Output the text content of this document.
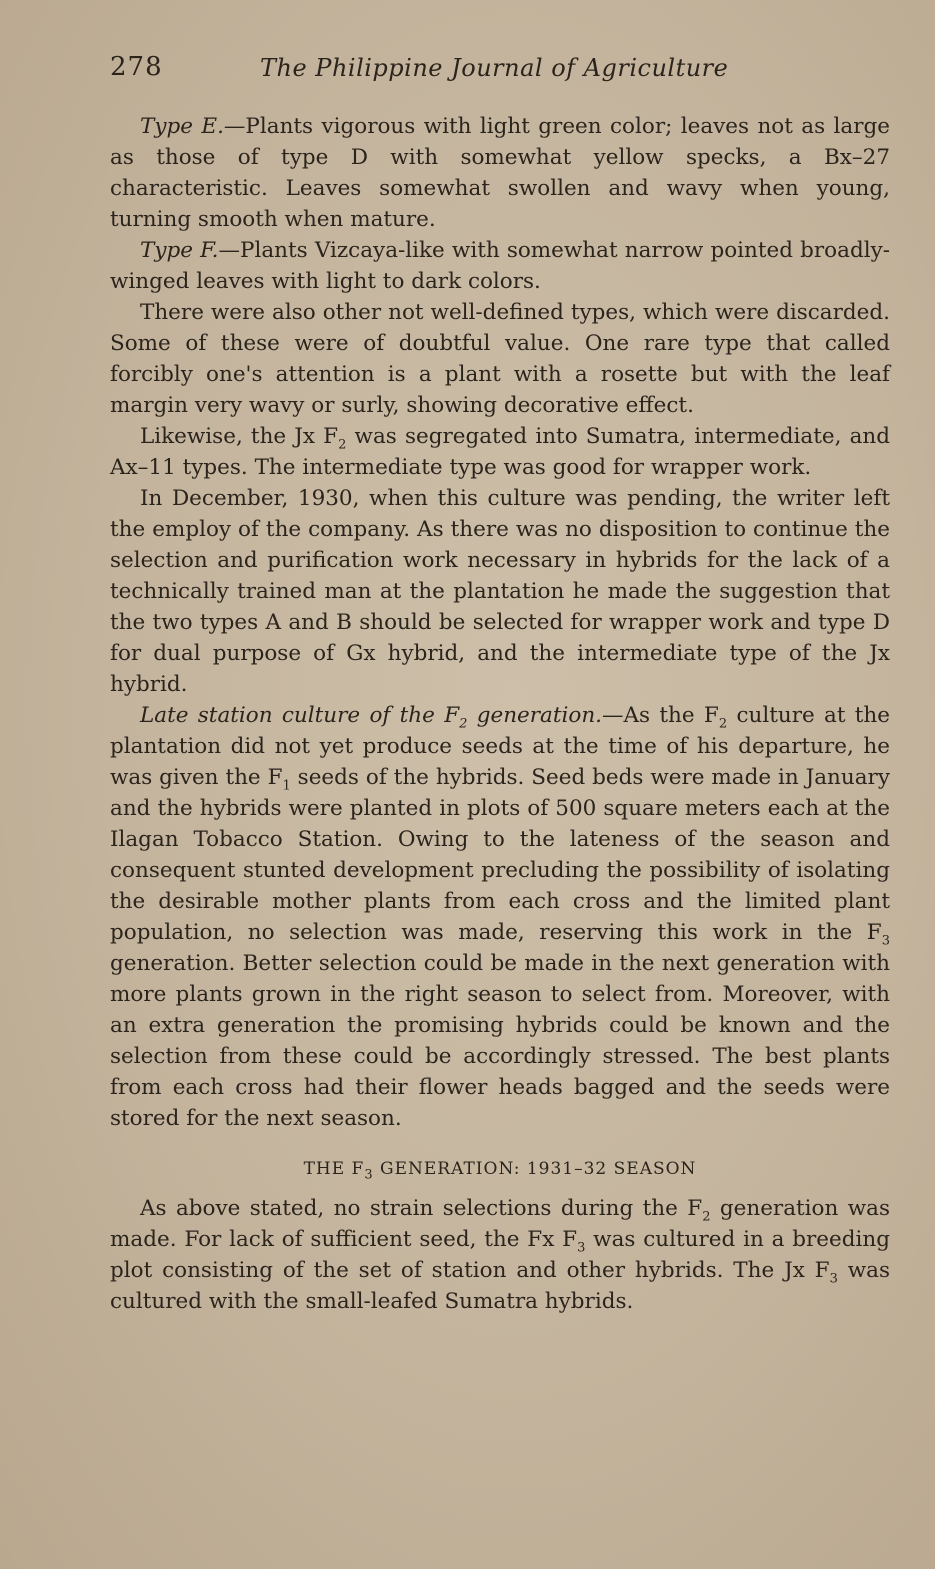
278	The Philippine Journal of Agriculture

Type E.—Plants vigorous with light green color; leaves not as large as those of type D with somewhat yellow specks, a Bx–27 characteristic. Leaves somewhat swollen and wavy when young, turning smooth when mature.

Type F.—Plants Vizcaya-like with somewhat narrow pointed broadly-winged leaves with light to dark colors.

There were also other not well-defined types, which were discarded. Some of these were of doubtful value. One rare type that called forcibly one's attention is a plant with a rosette but with the leaf margin very wavy or surly, showing decorative effect.

Likewise, the Jx $F_2$ was segregated into Sumatra, intermediate, and Ax–11 types. The intermediate type was good for wrapper work.

In December, 1930, when this culture was pending, the writer left the employ of the company. As there was no disposition to continue the selection and purification work necessary in hybrids for the lack of a technically trained man at the plantation he made the suggestion that the two types A and B should be selected for wrapper work and type D for dual purpose of Gx hybrid, and the intermediate type of the Jx hybrid.

Late station culture of the $F_2$ generation.—As the $F_2$ culture at the plantation did not yet produce seeds at the time of his departure, he was given the $F_1$ seeds of the hybrids. Seed beds were made in January and the hybrids were planted in plots of 500 square meters each at the Ilagan Tobacco Station. Owing to the lateness of the season and consequent stunted development precluding the possibility of isolating the desirable mother plants from each cross and the limited plant population, no selection was made, reserving this work in the $F_3$ generation. Better selection could be made in the next generation with more plants grown in the right season to select from. Moreover, with an extra generation the promising hybrids could be known and the selection from these could be accordingly stressed. The best plants from each cross had their flower heads bagged and the seeds were stored for the next season.

THE $F_3$ GENERATION: 1931–32 SEASON

As above stated, no strain selections during the $F_2$ generation was made. For lack of sufficient seed, the Fx $F_3$ was cultured in a breeding plot consisting of the set of station and other hybrids. The Jx $F_3$ was cultured with the small-leafed Sumatra hybrids.
